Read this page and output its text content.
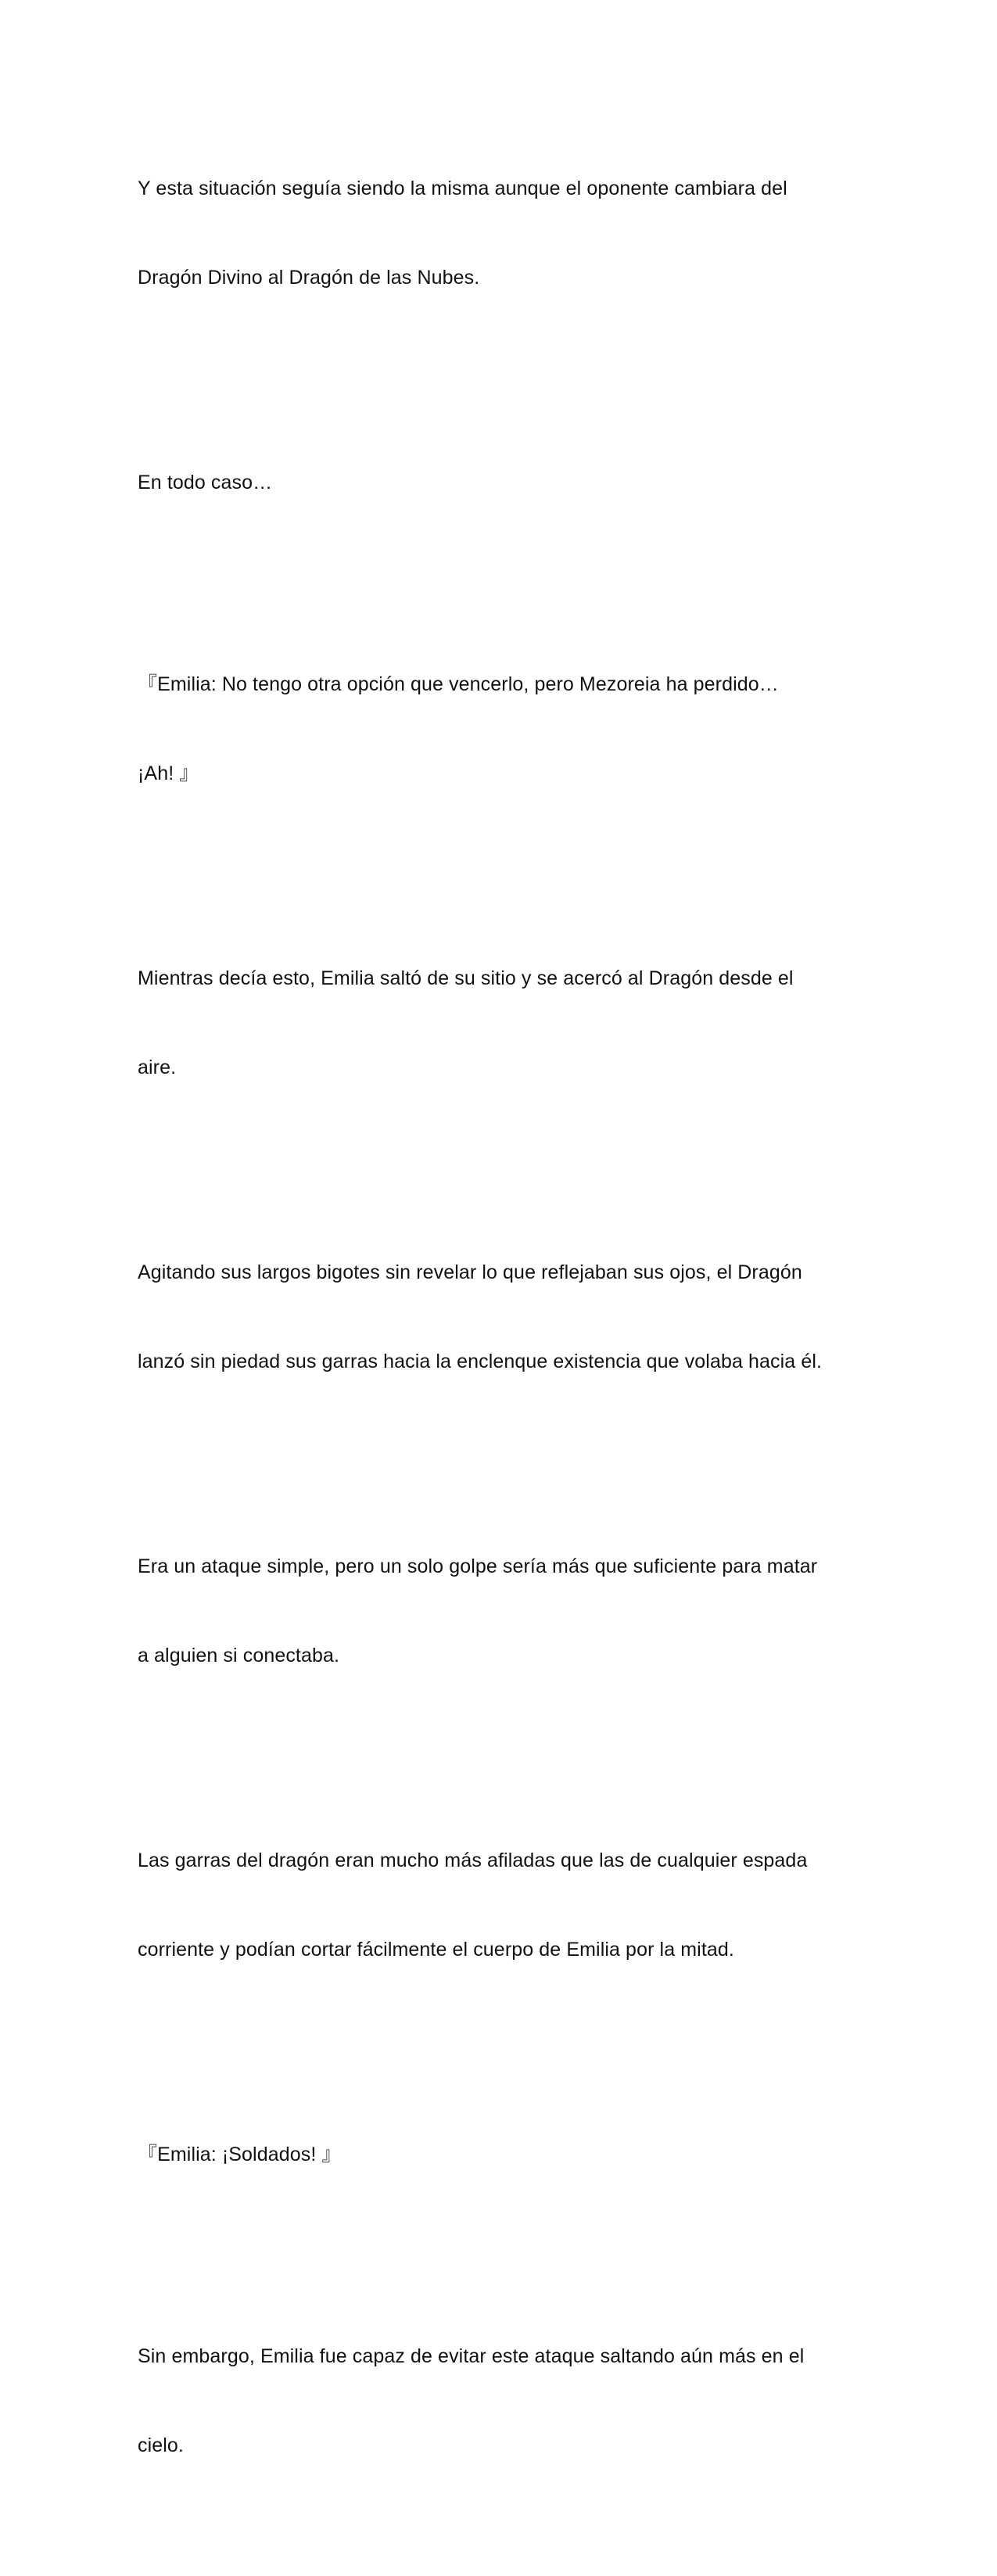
Y esta situación seguía siendo la misma aunque el oponente cambiara del

Dragón Divino al Dragón de las Nubes.

En todo caso…

『Emilia: No tengo otra opción que vencerlo, pero Mezoreia ha perdido…

¡Ah! 』

Mientras decía esto, Emilia saltó de su sitio y se acercó al Dragón desde el

aire.

Agitando sus largos bigotes sin revelar lo que reflejaban sus ojos, el Dragón

lanzó sin piedad sus garras hacia la enclenque existencia que volaba hacia él.

Era un ataque simple, pero un solo golpe sería más que suficiente para matar

a alguien si conectaba.

Las garras del dragón eran mucho más afiladas que las de cualquier espada

corriente y podían cortar fácilmente el cuerpo de Emilia por la mitad.

『Emilia: ¡Soldados! 』

Sin embargo, Emilia fue capaz de evitar este ataque saltando aún más en el

cielo.
